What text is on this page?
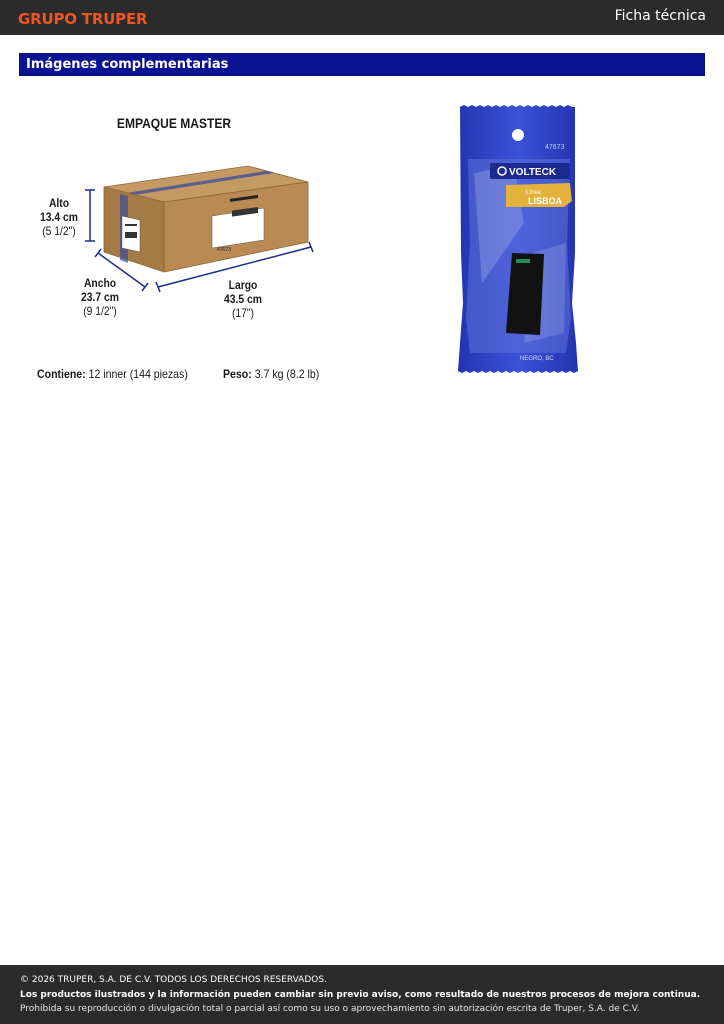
GRUPO TRUPER	Ficha técnica
Imágenes complementarias
EMPAQUE MASTER
47673
Alto
13.4 cm
(5 1/2")
Ancho
23.7 cm
(9 1/2")
Largo
43.5 cm
(17")
Contiene: 12 inner (144 piezas)	Peso: 3.7 kg (8.2 lb)
47673
VOLTECK
Línea
LISBOA
NEGRO, BC
© 2026 TRUPER, S.A. DE C.V. TODOS LOS DERECHOS RESERVADOS.
Los productos ilustrados y la información pueden cambiar sin previo aviso, como resultado de nuestros procesos de mejora continua.
Prohibida su reproducción o divulgación total o parcial así como su uso o aprovechamiento sin autorización escrita de Truper, S.A. de C.V.
